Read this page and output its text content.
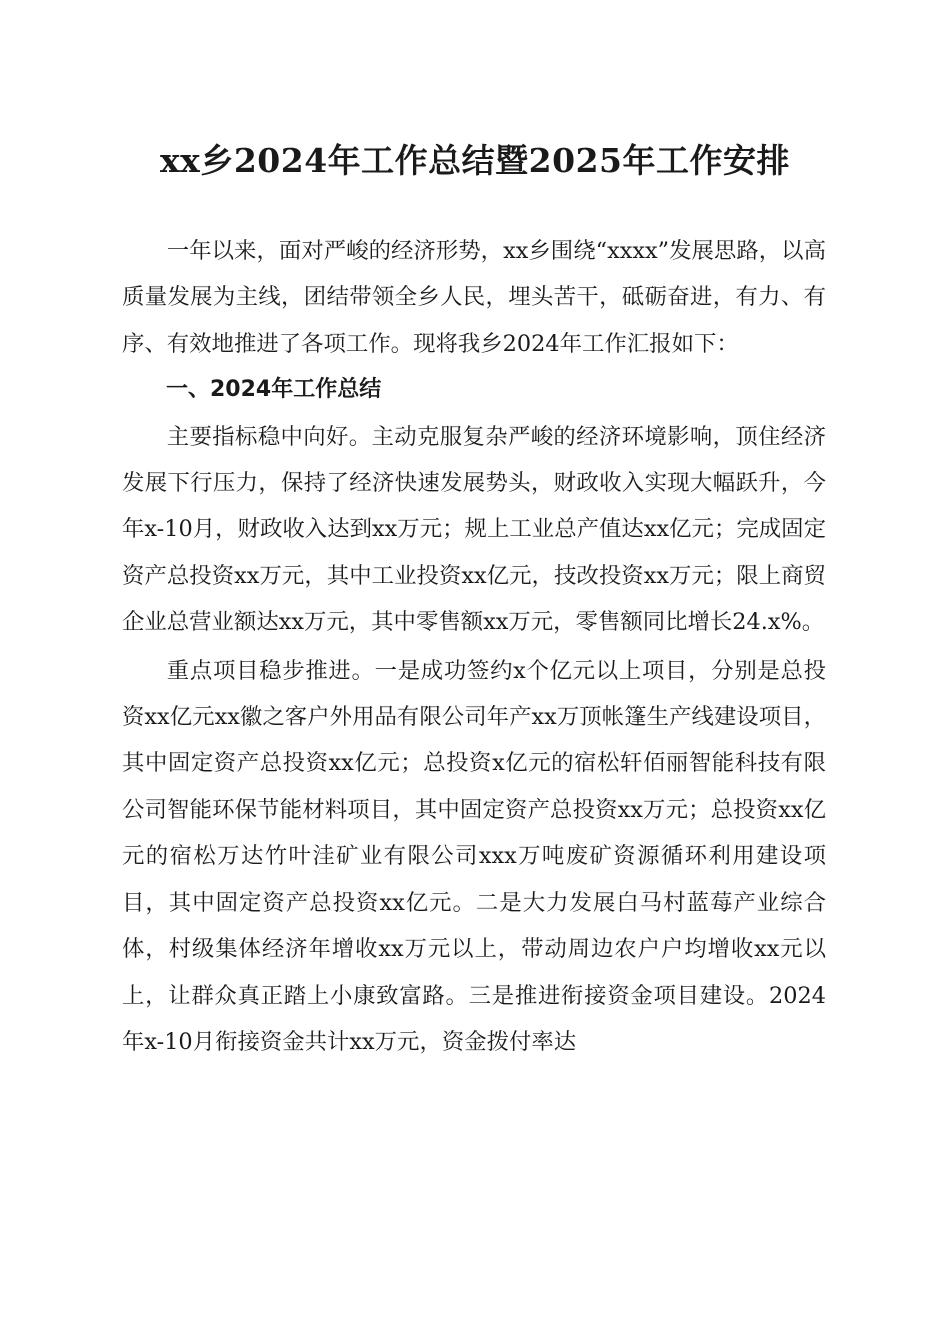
xx乡2024年工作总结暨2025年工作安排

一年以来，面对严峻的经济形势，xx乡围绕“xxxx”发展思路，以高质量发展为主线，团结带领全乡人民，埋头苦干，砥砺奋进，有力、有序、有效地推进了各项工作。现将我乡2024年工作汇报如下：

一、2024年工作总结

主要指标稳中向好。主动克服复杂严峻的经济环境影响，顶住经济发展下行压力，保持了经济快速发展势头，财政收入实现大幅跃升，今年x-10月，财政收入达到xx万元；规上工业总产值达xx亿元；完成固定资产总投资xx万元，其中工业投资xx亿元，技改投资xx万元；限上商贸企业总营业额达xx万元，其中零售额xx万元，零售额同比增长24.x%。

重点项目稳步推进。一是成功签约x个亿元以上项目，分别是总投资xx亿元xx徽之客户外用品有限公司年产xx万顶帐篷生产线建设项目，其中固定资产总投资xx亿元；总投资x亿元的宿松轩佰丽智能科技有限公司智能环保节能材料项目，其中固定资产总投资xx万元；总投资xx亿元的宿松万达竹叶洼矿业有限公司xxx万吨废矿资源循环利用建设项目，其中固定资产总投资xx亿元。二是大力发展白马村蓝莓产业综合体，村级集体经济年增收xx万元以上，带动周边农户户均增收xx元以上，让群众真正踏上小康致富路。三是推进衔接资金项目建设。2024年x-10月衔接资金共计xx万元，资金拨付率达
